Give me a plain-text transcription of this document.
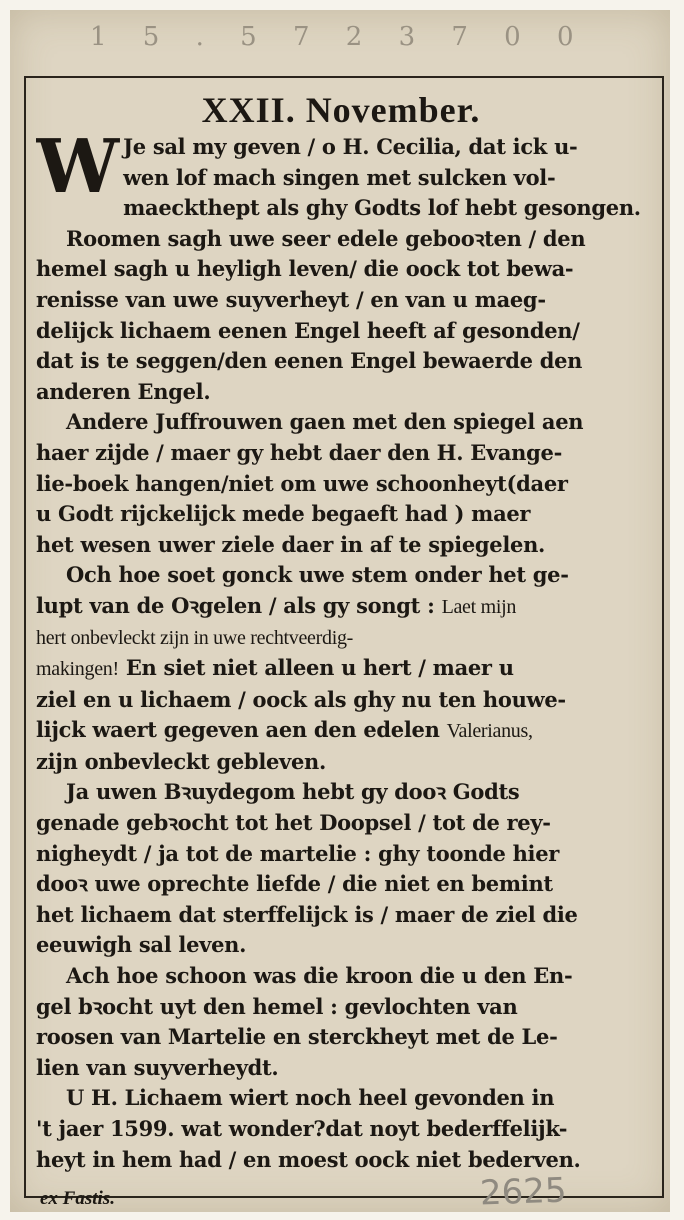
1 5 . 5 7 2 3 7 0 0
XXII. November.
W Je sal my geven / o H. Cecilia, dat ick u-
wen lof mach singen met sulcken vol-
maeckthept als ghy Godts lof hebt gesongen.
Roomen sagh uwe seer edele gebooꝛten / den
hemel sagh u heyligh leven/ die oock tot bewa-
renisse van uwe suyverheyt / en van u maeg-
delijck lichaem eenen Engel heeft af gesonden/
dat is te seggen/den eenen Engel bewaerde den
anderen Engel.
Andere Juffrouwen gaen met den spiegel aen
haer zijde / maer gy hebt daer den H. Evange-
lie-boek hangen/niet om uwe schoonheyt(daer
u Godt rijckelijck mede begaeft had ) maer
het wesen uwer ziele daer in af te spiegelen.
Och hoe soet gonck uwe stem onder het ge-
lupt van de Oꝛgelen / als gy songt : Laet mijn
hert onbevleckt zijn in uwe rechtveerdig-
makingen! En siet niet alleen u hert / maer u
ziel en u lichaem / oock als ghy nu ten houwe-
lijck waert gegeven aen den edelen Valerianus,
zijn onbevleckt gebleven.
Ja uwen Bꝛuydegom hebt gy dooꝛ Godts
genade gebꝛocht tot het Doopsel / tot de rey-
nigheydt / ja tot de martelie : ghy toonde hier
dooꝛ uwe oprechte liefde / die niet en bemint
het lichaem dat sterffelijck is / maer de ziel die
eeuwigh sal leven.
Ach hoe schoon was die kroon die u den En-
gel bꝛocht uyt den hemel : gevlochten van
roosen van Martelie en sterckheyt met de Le-
lien van suyverheydt.
U H. Lichaem wiert noch heel gevonden in
't jaer 1599. wat wonder?dat noyt bederffelijk-
heyt in hem had / en moest oock niet bederven.
ex Fastis.	2625
